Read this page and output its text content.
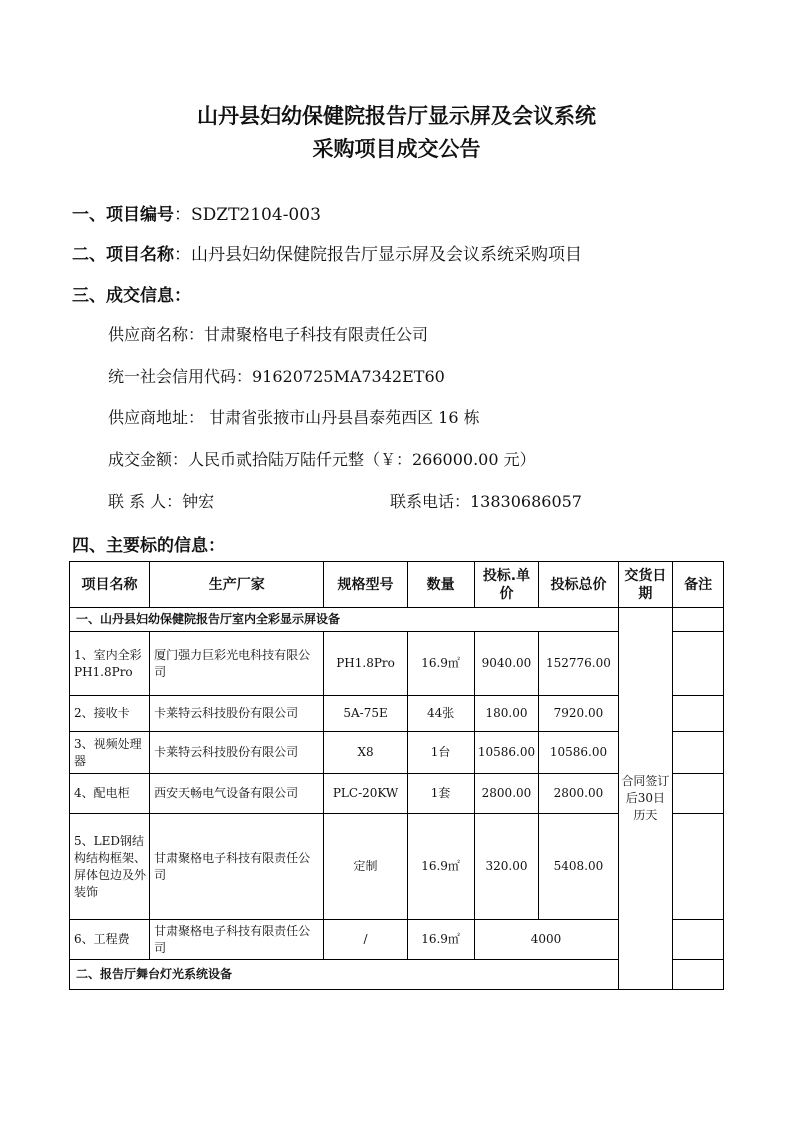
山丹县妇幼保健院报告厅显示屏及会议系统
采购项目成交公告
一、项目编号：SDZT2104-003
二、项目名称：山丹县妇幼保健院报告厅显示屏及会议系统采购项目
三、成交信息：
供应商名称：甘肃聚格电子科技有限责任公司
统一社会信用代码：91620725MA7342ET60
供应商地址： 甘肃省张掖市山丹县昌泰苑西区 16 栋
成交金额：人民币贰拾陆万陆仟元整（￥：266000.00 元）
联 系 人：钟宏	联系电话：13830686057
四、主要标的信息：
项目名称	生产厂家	规格型号	数量	投标.单价	投标总价	交货日期	备注
一、山丹县妇幼保健院报告厅室内全彩显示屏设备						合同签订后30日历天	
1、室内全彩PH1.8Pro	厦门强力巨彩光电科技有限公司	PH1.8Pro	16.9㎡	9040.00	152776.00		
2、接收卡	卡莱特云科技股份有限公司	5A-75E	44张	180.00	7920.00		
3、视频处理器	卡莱特云科技股份有限公司	X8	1台	10586.00	10586.00		
4、配电柜	西安天畅电气设备有限公司	PLC-20KW	1套	2800.00	2800.00		
5、LED钢结构结构框架、屏体包边及外装饰	甘肃聚格电子科技有限责任公司	定制	16.9㎡	320.00	5408.00		
6、工程费	甘肃聚格电子科技有限责任公司	/	16.9㎡	4000			
二、报告厅舞台灯光系统设备							
